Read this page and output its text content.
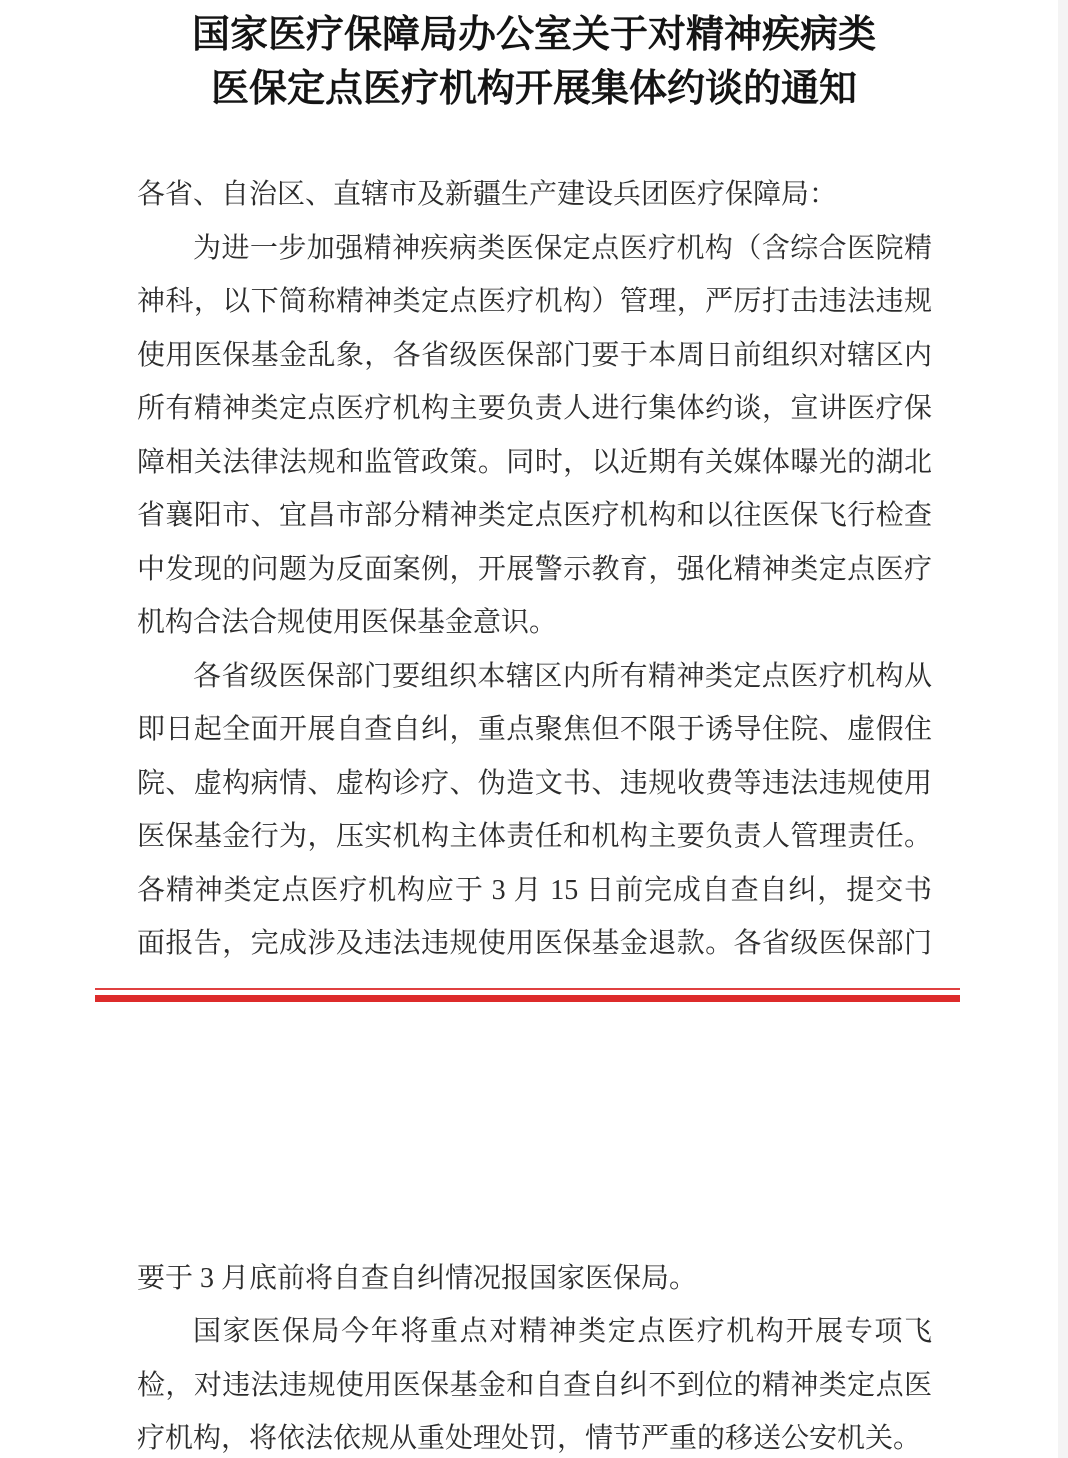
国家医疗保障局办公室关于对精神疾病类
医保定点医疗机构开展集体约谈的通知
各省、自治区、直辖市及新疆生产建设兵团医疗保障局：
为进一步加强精神疾病类医保定点医疗机构（含综合医院精
神科，以下简称精神类定点医疗机构）管理，严厉打击违法违规
使用医保基金乱象，各省级医保部门要于本周日前组织对辖区内
所有精神类定点医疗机构主要负责人进行集体约谈，宣讲医疗保
障相关法律法规和监管政策。同时，以近期有关媒体曝光的湖北
省襄阳市、宜昌市部分精神类定点医疗机构和以往医保飞行检查
中发现的问题为反面案例，开展警示教育，强化精神类定点医疗
机构合法合规使用医保基金意识。
各省级医保部门要组织本辖区内所有精神类定点医疗机构从
即日起全面开展自查自纠，重点聚焦但不限于诱导住院、虚假住
院、虚构病情、虚构诊疗、伪造文书、违规收费等违法违规使用
医保基金行为，压实机构主体责任和机构主要负责人管理责任。
各精神类定点医疗机构应于 3 月 15 日前完成自查自纠，提交书
面报告，完成涉及违法违规使用医保基金退款。各省级医保部门
要于 3 月底前将自查自纠情况报国家医保局。
国家医保局今年将重点对精神类定点医疗机构开展专项飞
检，对违法违规使用医保基金和自查自纠不到位的精神类定点医
疗机构，将依法依规从重处理处罚，情节严重的移送公安机关。
